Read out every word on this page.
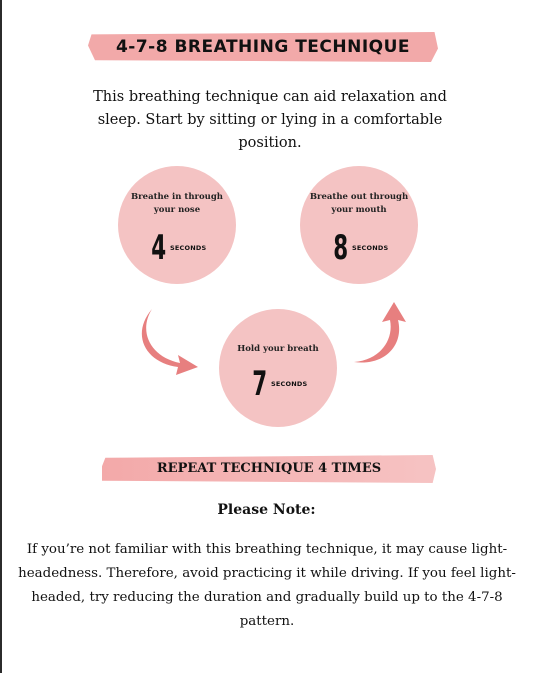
4-7-8 BREATHING TECHNIQUE
This breathing technique can aid relaxation and sleep. Start by sitting or lying in a comfortable position.
Breathe in through your nose
4 SECONDS
Breathe out through your mouth
8 SECONDS
Hold your breath
7 SECONDS
REPEAT TECHNIQUE 4 TIMES
Please Note:
If you’re not familiar with this breathing technique, it may cause light-headedness. Therefore, avoid practicing it while driving. If you feel light-headed, try reducing the duration and gradually build up to the 4-7-8 pattern.
